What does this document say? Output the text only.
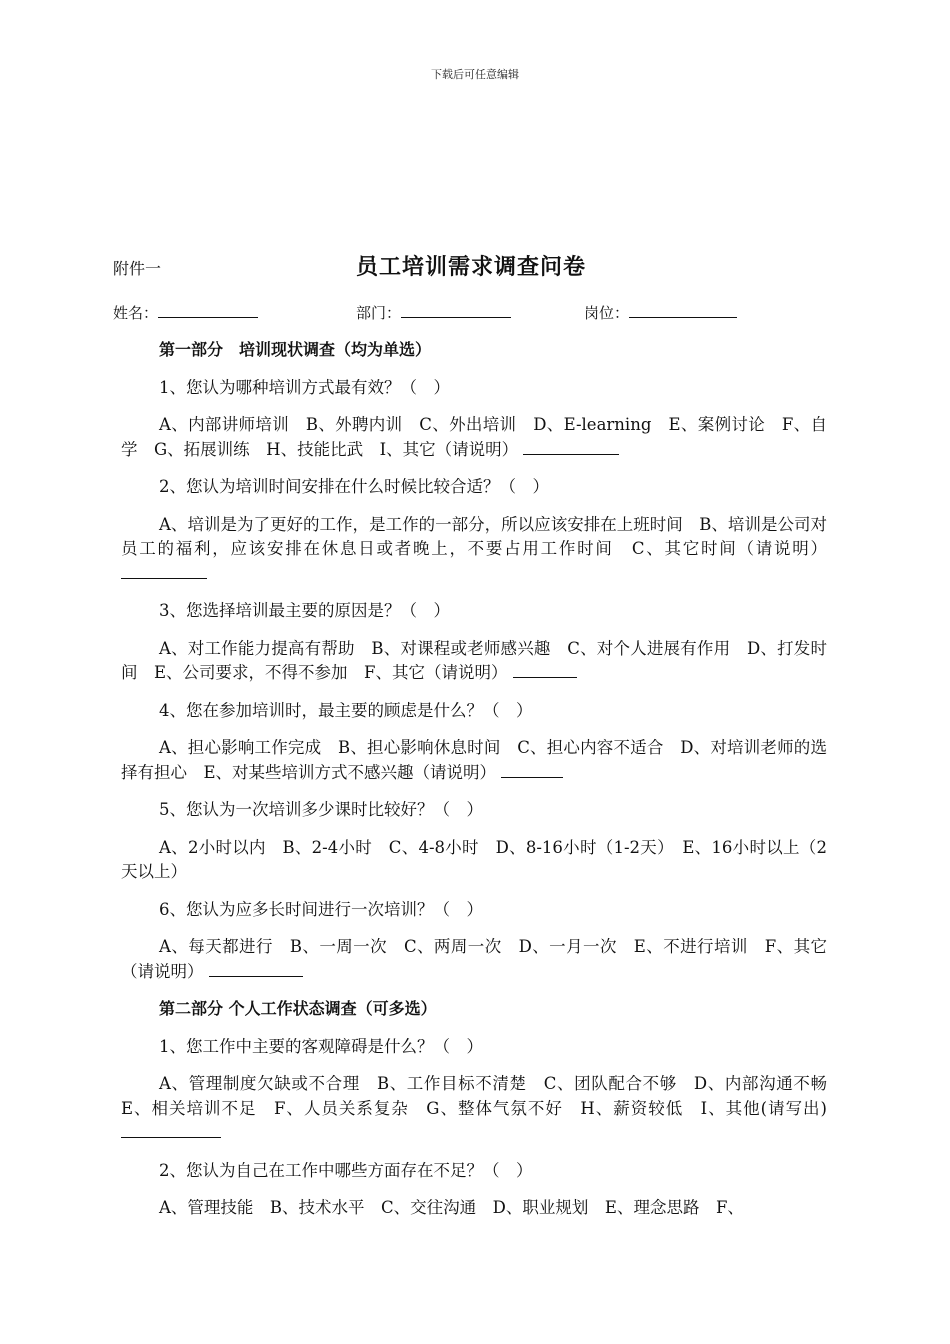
下载后可任意编辑
附件一	员工培训需求调查问卷
姓名：	部门：	岗位：

第一部分　培训现状调查（均为单选）

1、您认为哪种培训方式最有效？（　）

A、内部讲师培训　B、外聘内训　C、外出培训　D、E-learning　E、案例讨论　F、自学　G、拓展训练　H、技能比武　I、其它（请说明）

2、您认为培训时间安排在什么时候比较合适？（　）

A、培训是为了更好的工作，是工作的一部分，所以应该安排在上班时间　B、培训是公司对员工的福利，应该安排在休息日或者晚上，不要占用工作时间　C、其它时间（请说明）

3、您选择培训最主要的原因是？（　）

A、对工作能力提高有帮助　B、对课程或老师感兴趣　C、对个人进展有作用　D、打发时间　E、公司要求，不得不参加　F、其它（请说明）

4、您在参加培训时，最主要的顾虑是什么？（　）

A、担心影响工作完成　B、担心影响休息时间　C、担心内容不适合　D、对培训老师的选择有担心　E、对某些培训方式不感兴趣（请说明）

5、您认为一次培训多少课时比较好？（　）

A、2小时以内　B、2-4小时　C、4-8小时　D、8-16小时（1-2天）　E、16小时以上（2天以上）

6、您认为应多长时间进行一次培训？（　）

A、每天都进行　B、一周一次　C、两周一次　D、一月一次　E、不进行培训　F、其它（请说明）

第二部分 个人工作状态调查（可多选）

1、您工作中主要的客观障碍是什么？（　）

A、管理制度欠缺或不合理　B、工作目标不清楚　C、团队配合不够　D、内部沟通不畅　E、相关培训不足　F、人员关系复杂　G、整体气氛不好　H、薪资较低　I、其他(请写出)

2、您认为自己在工作中哪些方面存在不足？（　）

A、管理技能　B、技术水平　C、交往沟通　D、职业规划　E、理念思路　F、
